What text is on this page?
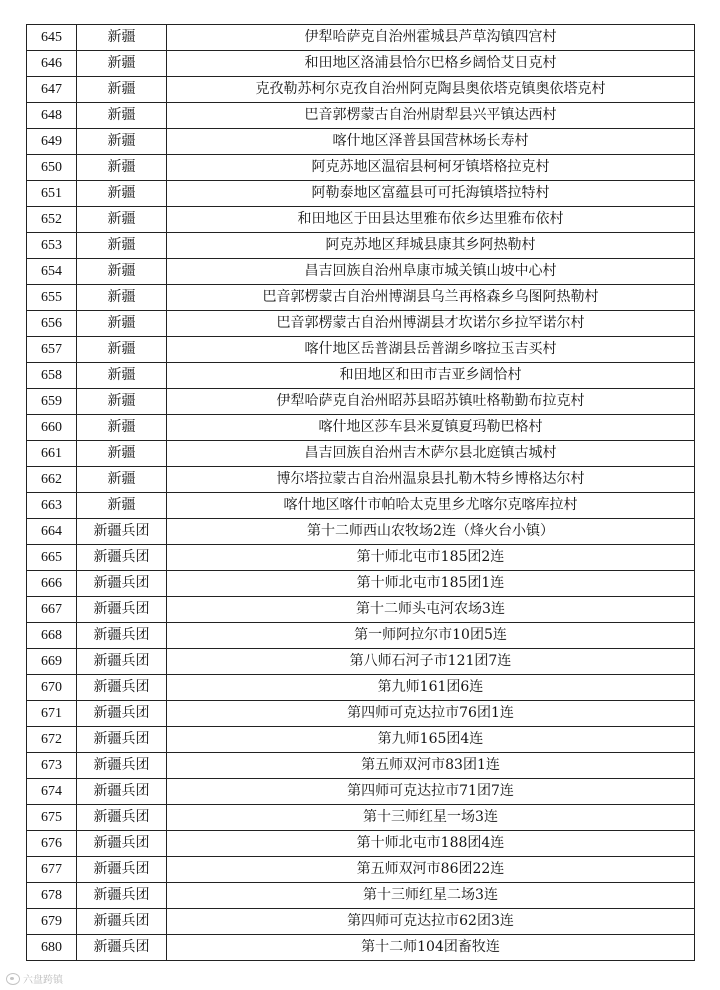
645	新疆	伊犁哈萨克自治州霍城县芦草沟镇四宫村
646	新疆	和田地区洛浦县恰尔巴格乡阔恰艾日克村
647	新疆	克孜勒苏柯尔克孜自治州阿克陶县奥依塔克镇奥依塔克村
648	新疆	巴音郭楞蒙古自治州尉犁县兴平镇达西村
649	新疆	喀什地区泽普县国营林场长寿村
650	新疆	阿克苏地区温宿县柯柯牙镇塔格拉克村
651	新疆	阿勒泰地区富蕴县可可托海镇塔拉特村
652	新疆	和田地区于田县达里雅布依乡达里雅布依村
653	新疆	阿克苏地区拜城县康其乡阿热勒村
654	新疆	昌吉回族自治州阜康市城关镇山坡中心村
655	新疆	巴音郭楞蒙古自治州博湖县乌兰再格森乡乌图阿热勒村
656	新疆	巴音郭楞蒙古自治州博湖县才坎诺尔乡拉罕诺尔村
657	新疆	喀什地区岳普湖县岳普湖乡喀拉玉吉买村
658	新疆	和田地区和田市吉亚乡阔恰村
659	新疆	伊犁哈萨克自治州昭苏县昭苏镇吐格勒勤布拉克村
660	新疆	喀什地区莎车县米夏镇夏玛勒巴格村
661	新疆	昌吉回族自治州吉木萨尔县北庭镇古城村
662	新疆	博尔塔拉蒙古自治州温泉县扎勒木特乡博格达尔村
663	新疆	喀什地区喀什市帕哈太克里乡尤喀尔克喀库拉村
664	新疆兵团	第十二师西山农牧场2连（烽火台小镇）
665	新疆兵团	第十师北屯市185团2连
666	新疆兵团	第十师北屯市185团1连
667	新疆兵团	第十二师头屯河农场3连
668	新疆兵团	第一师阿拉尔市10团5连
669	新疆兵团	第八师石河子市121团7连
670	新疆兵团	第九师161团6连
671	新疆兵团	第四师可克达拉市76团1连
672	新疆兵团	第九师165团4连
673	新疆兵团	第五师双河市83团1连
674	新疆兵团	第四师可克达拉市71团7连
675	新疆兵团	第十三师红星一场3连
676	新疆兵团	第十师北屯市188团4连
677	新疆兵团	第五师双河市86团22连
678	新疆兵团	第十三师红星二场3连
679	新疆兵团	第四师可克达拉市62团3连
680	新疆兵团	第十二师104团畜牧连
六盘跨镇
